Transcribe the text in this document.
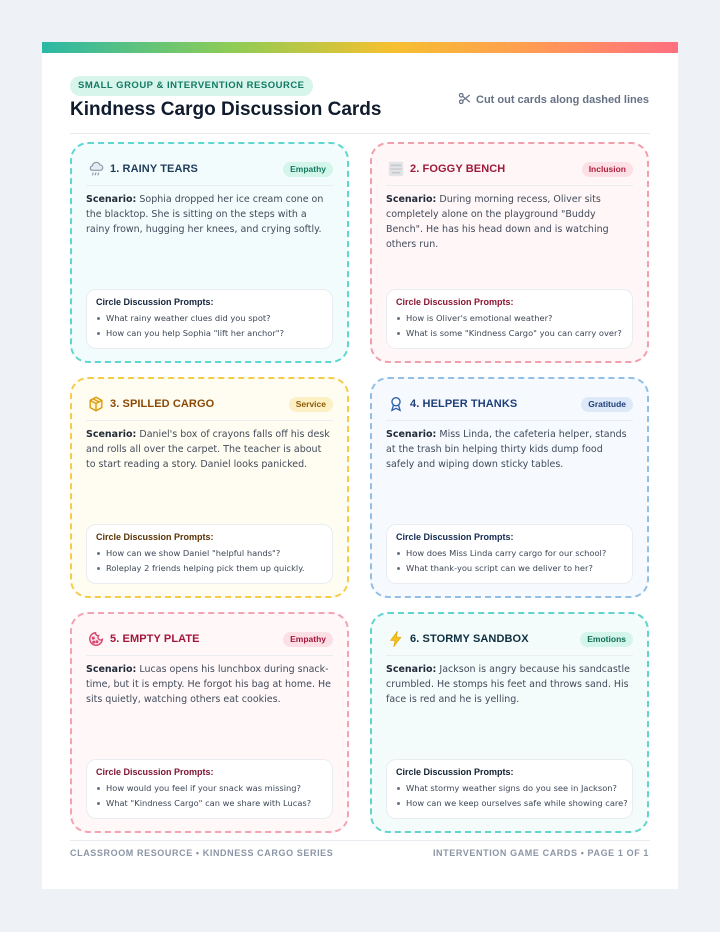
SMALL GROUP & INTERVENTION RESOURCE
Kindness Cargo Discussion Cards	Cut out cards along dashed lines
1. RAINY TEARS	Empathy
Scenario: Sophia dropped her ice cream cone on the blacktop. She is sitting on the steps with a rainy frown, hugging her knees, and crying softly.
Circle Discussion Prompts:
What rainy weather clues did you spot?
How can you help Sophia "lift her anchor"?
2. FOGGY BENCH	Inclusion
Scenario: During morning recess, Oliver sits completely alone on the playground "Buddy Bench". He has his head down and is watching others run.
Circle Discussion Prompts:
How is Oliver's emotional weather?
What is some "Kindness Cargo" you can carry over?
3. SPILLED CARGO	Service
Scenario: Daniel's box of crayons falls off his desk and rolls all over the carpet. The teacher is about to start reading a story. Daniel looks panicked.
Circle Discussion Prompts:
How can we show Daniel "helpful hands"?
Roleplay 2 friends helping pick them up quickly.
4. HELPER THANKS	Gratitude
Scenario: Miss Linda, the cafeteria helper, stands at the trash bin helping thirty kids dump food safely and wiping down sticky tables.
Circle Discussion Prompts:
How does Miss Linda carry cargo for our school?
What thank-you script can we deliver to her?
5. EMPTY PLATE	Empathy
Scenario: Lucas opens his lunchbox during snack-time, but it is empty. He forgot his bag at home. He sits quietly, watching others eat cookies.
Circle Discussion Prompts:
How would you feel if your snack was missing?
What "Kindness Cargo" can we share with Lucas?
6. STORMY SANDBOX	Emotions
Scenario: Jackson is angry because his sandcastle crumbled. He stomps his feet and throws sand. His face is red and he is yelling.
Circle Discussion Prompts:
What stormy weather signs do you see in Jackson?
How can we keep ourselves safe while showing care?
CLASSROOM RESOURCE • KINDNESS CARGO SERIES	INTERVENTION GAME CARDS • PAGE 1 OF 1
